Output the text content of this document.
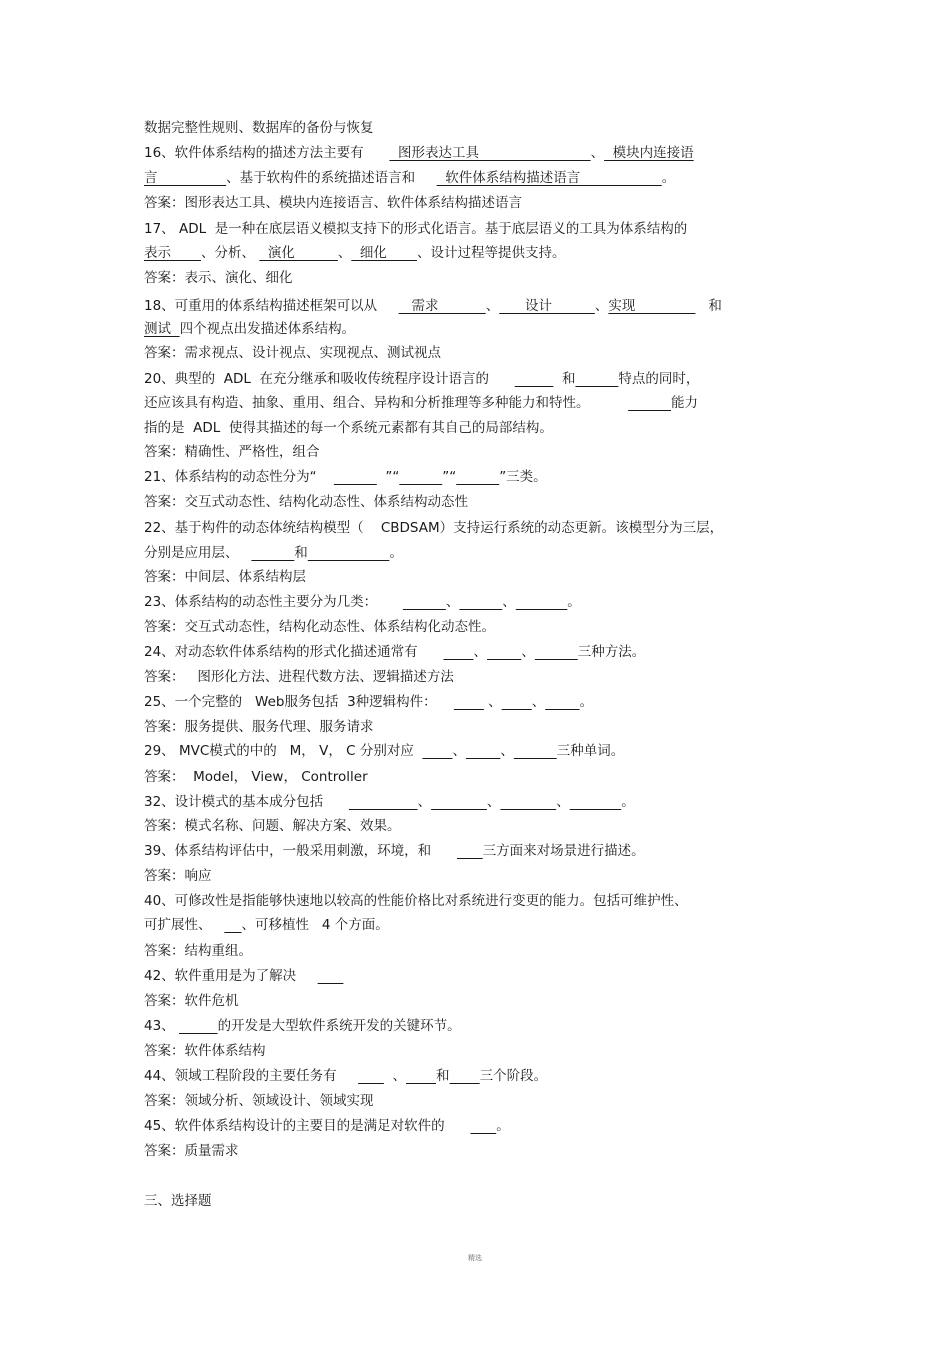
数据完整性规则、数据库的备份与恢复
16、软件体系结构的描述方法主要有        图形表达工具                          、  模块内连接语
言                、基于软构件的系统描述语言和       软件体系结构描述语言                   。
答案：图形表达工具、模块内连接语言、软件体系结构描述语言
17、 ADL  是一种在底层语义模拟支持下的形式化语言。基于底层语义的工具为体系结构的
表示       、分析、   演化          、  细化       、设计过程等提供支持。
答案：表示、演化、细化
18、可重用的体系结构描述框架可以从        需求           、      设计          、实现                 和
测试  四个视点出发描述体系结构。
答案：需求视点、设计视点、实现视点、测试视点
20、典型的  ADL  在充分继承和吸收传统程序设计语言的	和	特点的同时，
还应该具有构造、抽象、重用、组合、异构和分析推理等多种能力和特性。	能力
指的是  ADL  使得其描述的每一个系统元素都有其自己的局部结构。
答案：精确性、严格性，组合
21、体系结构的动态性分为“	”“	”“	”三类。
答案：交互式动态性、结构化动态性、体系结构动态性
22、基于构件的动态体统结构模型（    CBDSAM）支持运行系统的动态更新。该模型分为三层，
分别是应用层、	和	。
答案：中间层、体系结构层
23、体系结构的动态性主要分为几类：	、	、	。
答案：交互式动态性，结构化动态性、体系结构化动态性。
24、对动态软件体系结构的形式化描述通常有             、	、	三种方法。
答案：   图形化方法、进程代数方法、逻辑描述方法
25、一个完整的   Web服务包括  3种逻辑构件：            、 、	。
答案：服务提供、服务代理、服务请求
29、 MVC模式的中的   M， V， C 分别对应         、	、	三种单词。
答案：  Model， View， Controller
32、设计模式的基本成分包括	、	、	、	。
答案：模式名称、问题、解决方案、效果。
39、体系结构评估中，一般采用刺激，环境，和            三方面来对场景进行描述。
答案：响应
40、可修改性是指能够快速地以较高的性能价格比对系统进行变更的能力。包括可维护性、
可扩展性、       、可移植性   4 个方面。
答案：结构重组。
42、软件重用是为了解决
答案：软件危机
43、	的开发是大型软件系统开发的关键环节。
答案：软件体系结构
44、领域工程阶段的主要任务有             、 和 三个阶段。
答案：领域分析、领域设计、领域实现
45、软件体系结构设计的主要目的是满足对软件的            。
答案：质量需求
三、选择题
精选
